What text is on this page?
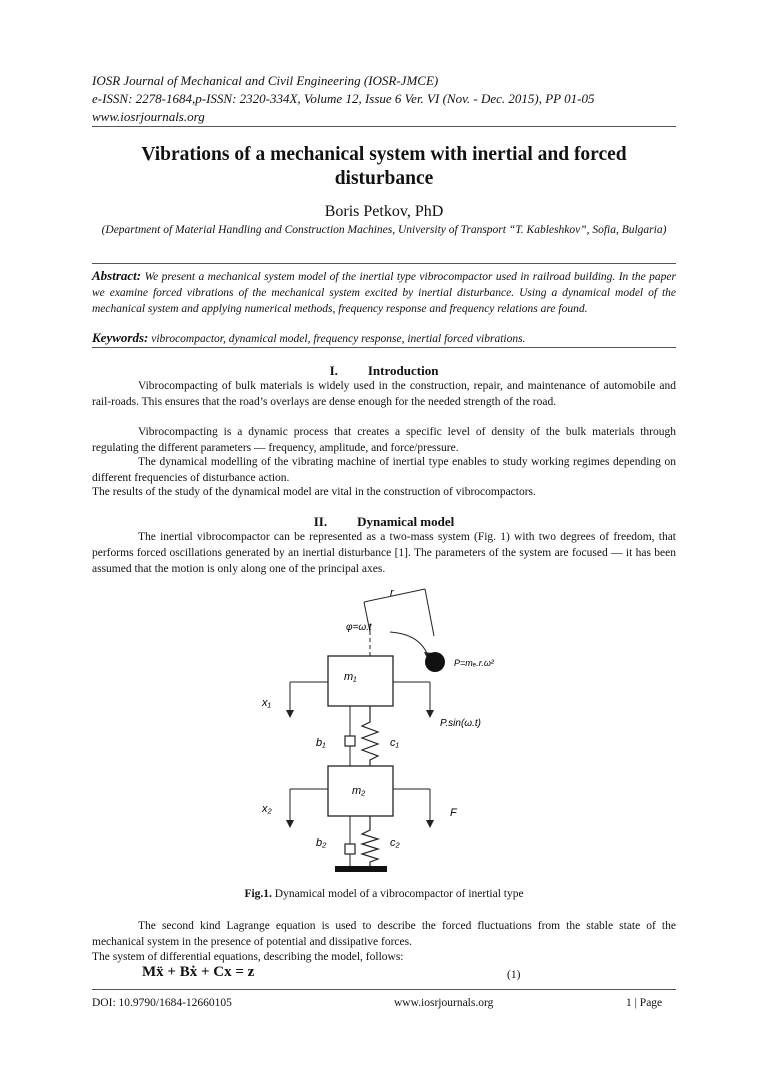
IOSR Journal of Mechanical and Civil Engineering (IOSR-JMCE)
e-ISSN: 2278-1684,p-ISSN: 2320-334X, Volume 12, Issue 6 Ver. VI (Nov. - Dec. 2015), PP 01-05
www.iosrjournals.org
Vibrations of a mechanical system with inertial and forced disturbance
Boris Petkov, PhD
(Department of Material Handling and Construction Machines, University of Transport “T. Kableshkov”, Sofia, Bulgaria)
Abstract: We present a mechanical system model of the inertial type vibrocompactor used in railroad building. In the paper we examine forced vibrations of the mechanical system excited by inertial disturbance. Using a dynamical model of the mechanical system and applying numerical methods, frequency response and frequency relations are found.
Keywords: vibrocompactor, dynamical model, frequency response, inertial forced vibrations.
I. Introduction
Vibrocompacting of bulk materials is widely used in the construction, repair, and maintenance of automobile and rail-roads. This ensures that the road’s overlays are dense enough for the needed strength of the road.
Vibrocompacting is a dynamic process that creates a specific level of density of the bulk materials through regulating the different parameters — frequency, amplitude, and force/pressure.
The dynamical modelling of the vibrating machine of inertial type enables to study working regimes depending on different frequencies of disturbance action.
The results of the study of the dynamical model are vital in the construction of vibrocompactors.
II. Dynamical model
The inertial vibrocompactor can be represented as a two-mass system (Fig. 1) with two degrees of freedom, that performs forced oscillations generated by an inertial disturbance [1]. The parameters of the system are focused — it has been assumed that the motion is only along one of the principal axes.
r
φ=ω.t
P=mₑ.r.ω²
m₁
x₁
P.sin(ω.t)
b₁	c₁
m₂
x₂	F
b₂	c₂
Fig.1. Dynamical model of a vibrocompactor of inertial type
The second kind Lagrange equation is used to describe the forced fluctuations from the stable state of the mechanical system in the presence of potential and dissipative forces.
The system of differential equations, describing the model, follows:
Mẍ + Bẋ + Cx = z	(1)
DOI: 10.9790/1684-12660105	www.iosrjournals.org	1 | Page
